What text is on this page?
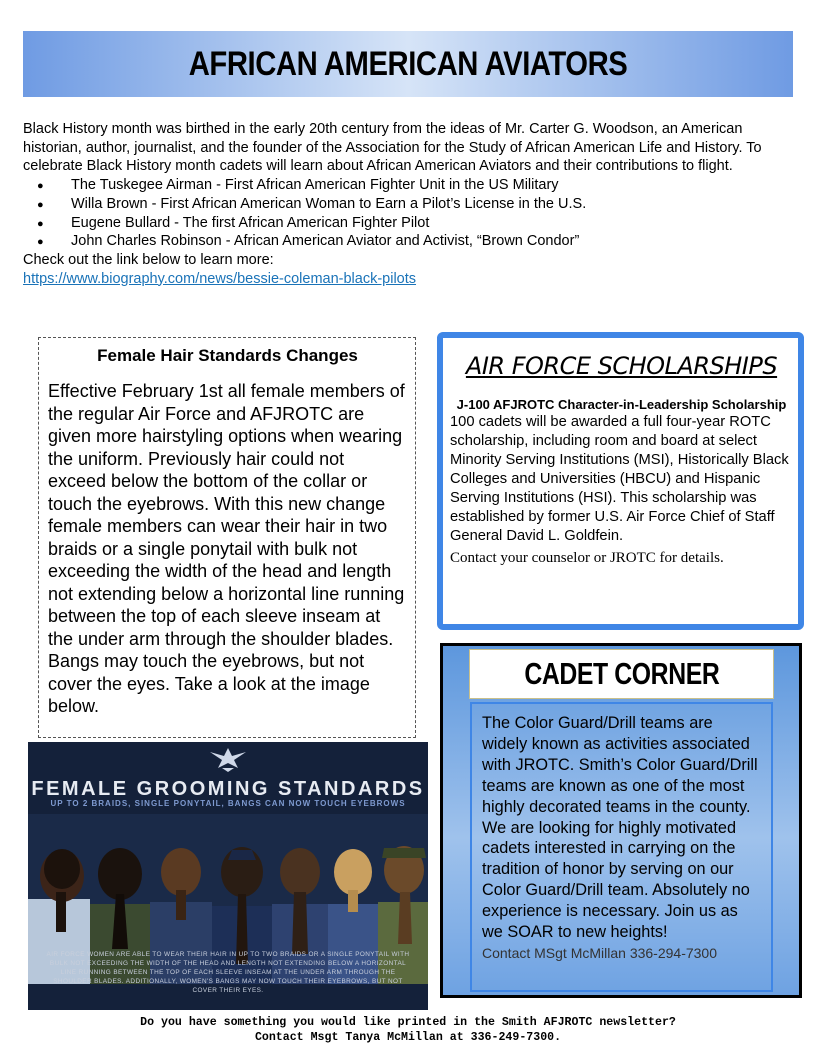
AFRICAN AMERICAN AVIATORS

Black History month was birthed in the early 20th century from the ideas of Mr. Carter G. Woodson, an American historian, author, journalist, and the founder of the Association for the Study of African American Life and History. To celebrate Black History month cadets will learn about African American Aviators and their contributions to flight.

● The Tuskegee Airman - First African American Fighter Unit in the US Military
● Willa Brown - First African American Woman to Earn a Pilot’s License in the U.S.
● Eugene Bullard - The first African American Fighter Pilot
● John Charles Robinson - African American Aviator and Activist, “Brown Condor”

Check out the link below to learn more:

https://www.biography.com/news/bessie-coleman-black-pilots
Female Hair Standards Changes

Effective February 1st all female members of the regular Air Force and AFJROTC are given more hairstyling options when wearing the uniform. Previously hair could not exceed below the bottom of the collar or touch the eyebrows. With this new change female members can wear their hair in two braids or a single ponytail with bulk not exceeding the width of the head and length not extending below a horizontal line running between the top of each sleeve inseam at the under arm through the shoulder blades. Bangs may touch the eyebrows, but not cover the eyes. Take a look at the image below.

FEMALE GROOMING STANDARDS
UP TO 2 BRAIDS, SINGLE PONYTAIL, BANGS CAN NOW TOUCH EYEBROWS
AIR FORCE WOMEN ARE ABLE TO WEAR THEIR HAIR IN UP TO TWO BRAIDS OR A SINGLE PONYTAIL WITH BULK NOT EXCEEDING THE WIDTH OF THE HEAD AND LENGTH NOT EXTENDING BELOW A HORIZONTAL LINE RUNNING BETWEEN THE TOP OF EACH SLEEVE INSEAM AT THE UNDER ARM THROUGH THE SHOULDER BLADES. ADDITIONALLY, WOMEN'S BANGS MAY NOW TOUCH THEIR EYEBROWS, BUT NOT COVER THEIR EYES.
AIR FORCE SCHOLARSHIPS
J-100 AFJROTC Character-in-Leadership Scholarship

100 cadets will be awarded a full four-year ROTC scholarship, including room and board at select Minority Serving Institutions (MSI), Historically Black Colleges and Universities (HBCU) and Hispanic Serving Institutions (HSI). This scholarship was established by former U.S. Air Force Chief of Staff General David L. Goldfein.

Contact your counselor or JROTC for details.

CADET CORNER

The Color Guard/Drill teams are widely known as activities associated with JROTC. Smith’s Color Guard/Drill teams are known as one of the most highly decorated teams in the county. We are looking for highly motivated cadets interested in carrying on the tradition of honor by serving on our Color Guard/Drill team. Absolutely no experience is necessary. Join us as we SOAR to new heights!

Contact MSgt McMillan 336-294-7300

Do you have something you would like printed in the Smith AFJROTC newsletter?
Contact Msgt Tanya McMillan at 336-249-7300.
